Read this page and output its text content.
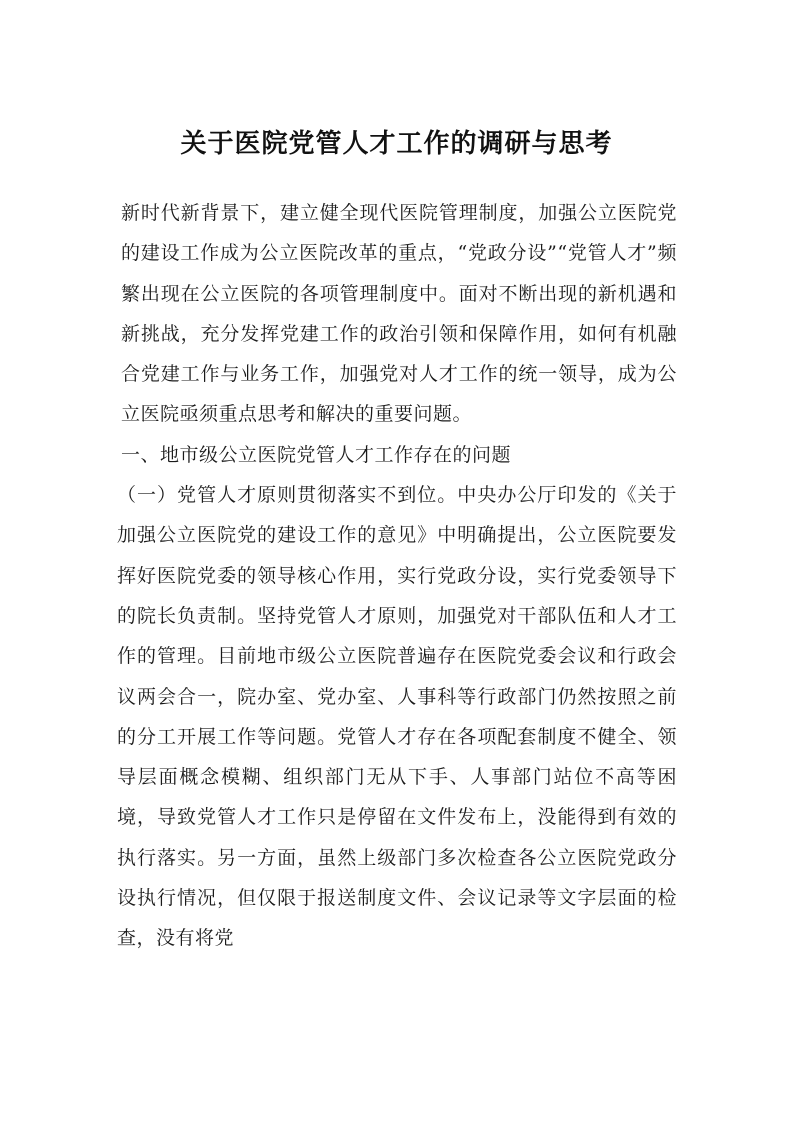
关于医院党管人才工作的调研与思考

新时代新背景下，建立健全现代医院管理制度，加强公立医院党的建设工作成为公立医院改革的重点，“党政分设”“党管人才”频繁出现在公立医院的各项管理制度中。面对不断出现的新机遇和新挑战，充分发挥党建工作的政治引领和保障作用，如何有机融合党建工作与业务工作，加强党对人才工作的统一领导，成为公立医院亟须重点思考和解决的重要问题。

一、地市级公立医院党管人才工作存在的问题

（一）党管人才原则贯彻落实不到位。中央办公厅印发的《关于加强公立医院党的建设工作的意见》中明确提出，公立医院要发挥好医院党委的领导核心作用，实行党政分设，实行党委领导下的院长负责制。坚持党管人才原则，加强党对干部队伍和人才工作的管理。目前地市级公立医院普遍存在医院党委会议和行政会议两会合一，院办室、党办室、人事科等行政部门仍然按照之前的分工开展工作等问题。党管人才存在各项配套制度不健全、领导层面概念模糊、组织部门无从下手、人事部门站位不高等困境，导致党管人才工作只是停留在文件发布上，没能得到有效的执行落实。另一方面，虽然上级部门多次检查各公立医院党政分设执行情况，但仅限于报送制度文件、会议记录等文字层面的检查，没有将党
